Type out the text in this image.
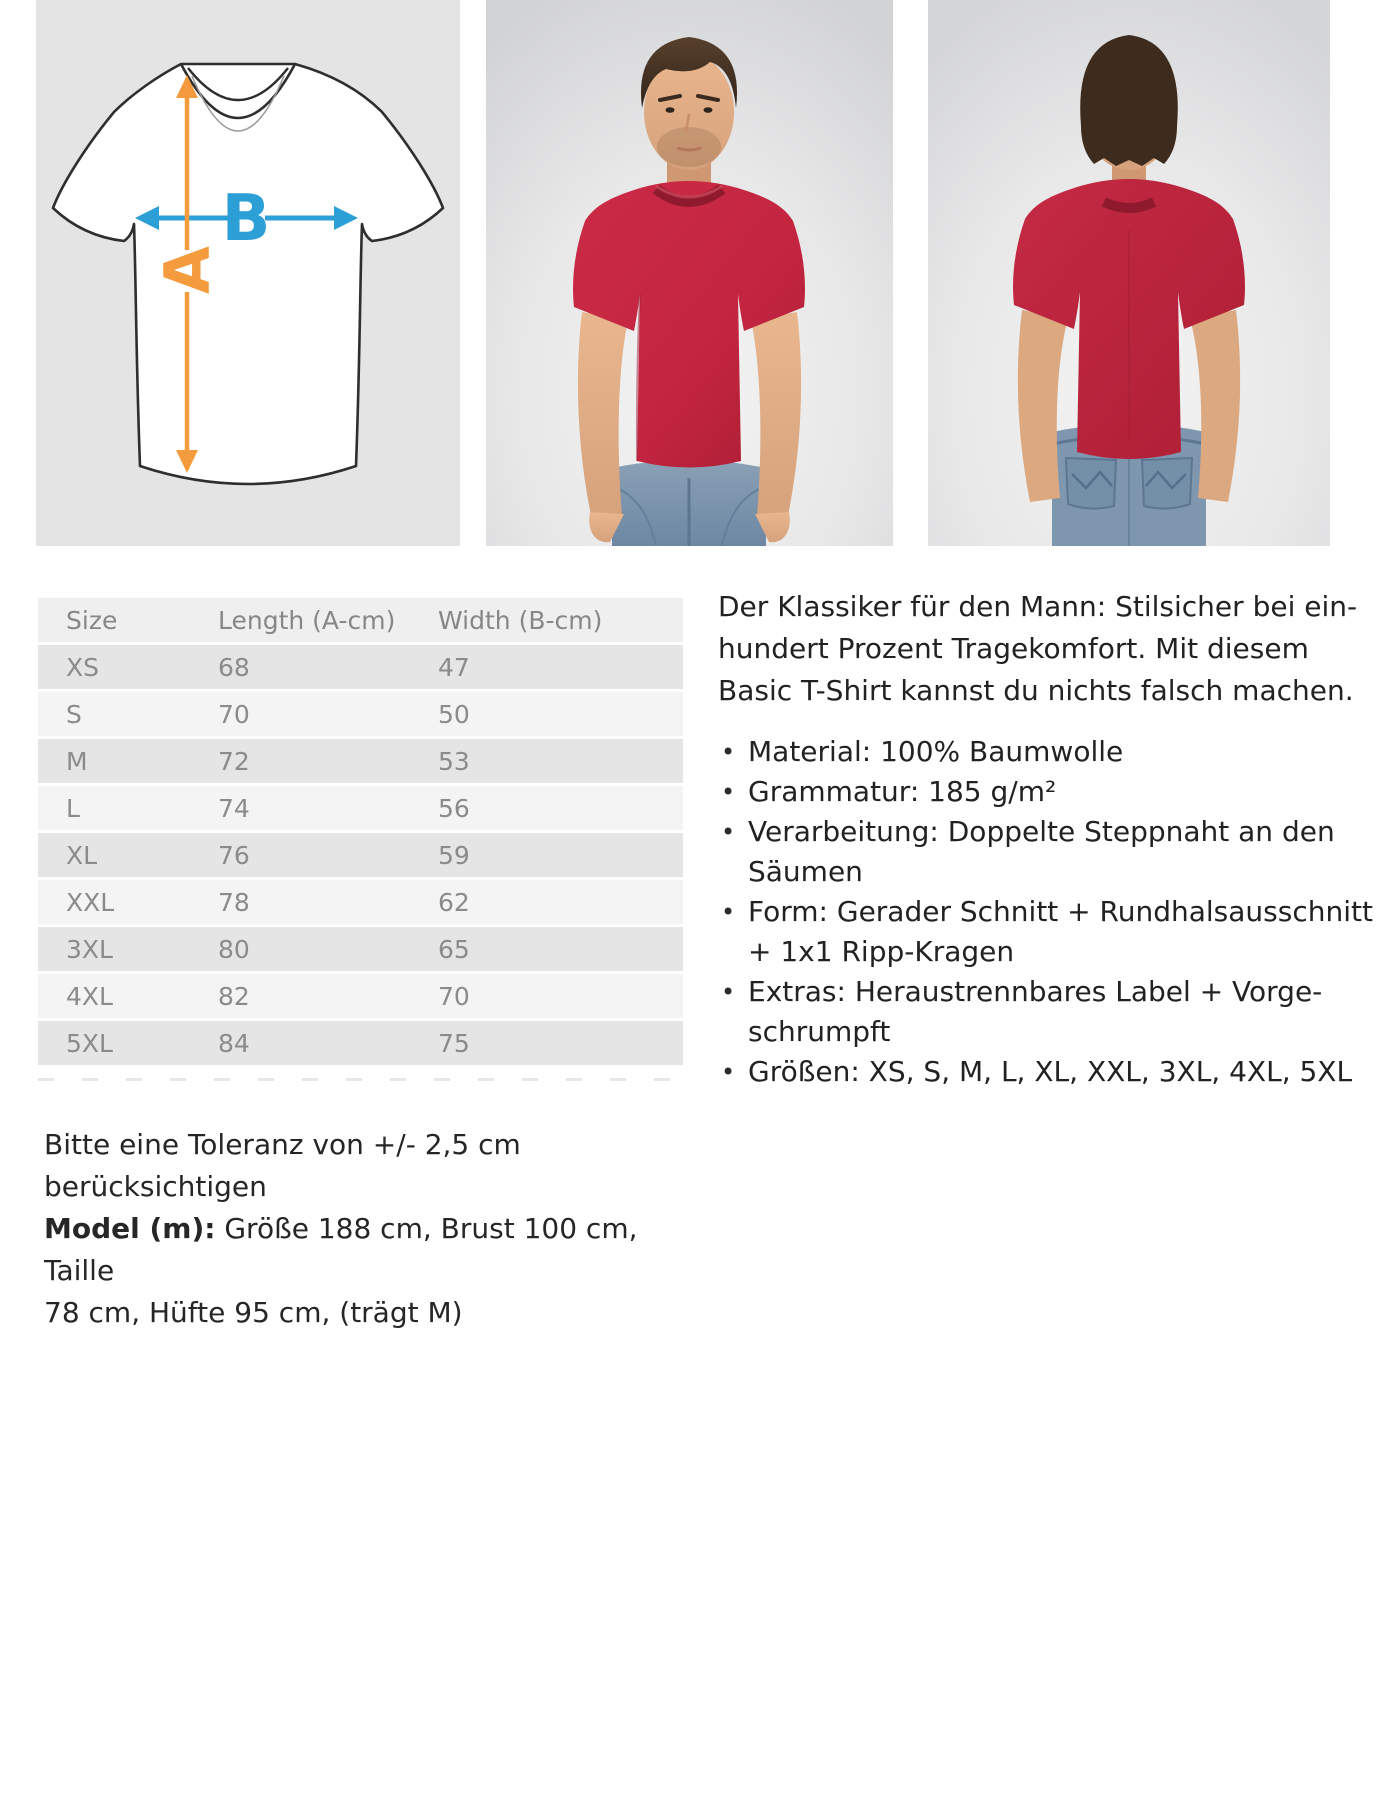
B
A
Size	Length (A-cm)	Width (B-cm)
XS	68	47
S	70	50
M	72	53
L	74	56
XL	76	59
XXL	78	62
3XL	80	65
4XL	82	70
5XL	84	75
Bitte eine Toleranz von +/- 2,5 cm berücksichtigen
Model (m): Größe 188 cm, Brust 100 cm, Taille
78 cm, Hüfte 95 cm, (trägt M)
Der Klassiker für den Mann: Stilsicher bei ein-
hundert Prozent Tragekomfort. Mit diesem
Basic T-Shirt kannst du nichts falsch machen.
• Material: 100% Baumwolle
• Grammatur: 185 g/m²
• Verarbeitung: Doppelte Steppnaht an den
Säumen
• Form: Gerader Schnitt + Rundhalsausschnitt
+ 1x1 Ripp-Kragen
• Extras: Heraustrennbares Label + Vorge-
schrumpft
• Größen: XS, S, M, L, XL, XXL, 3XL, 4XL, 5XL
